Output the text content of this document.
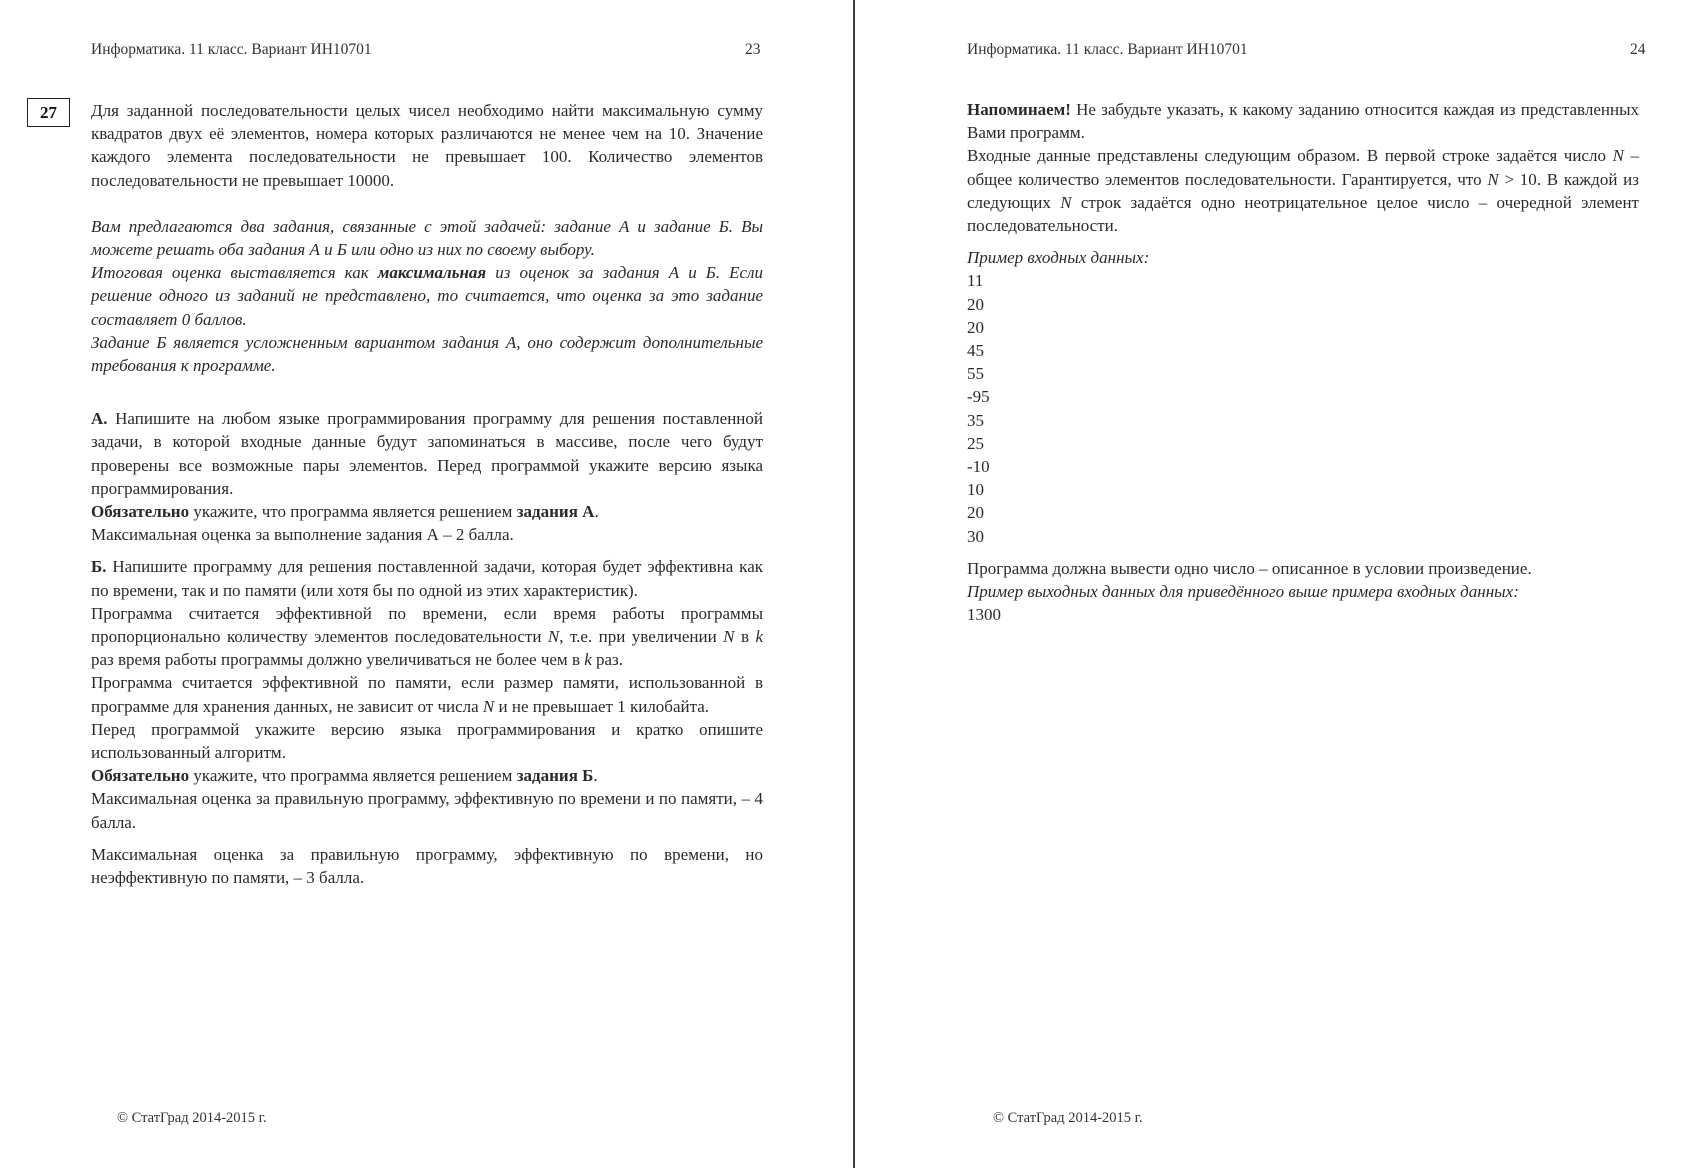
Информатика. 11 класс. Вариант ИН10701	23
27	Для заданной последовательности целых чисел необходимо найти максимальную сумму квадратов двух её элементов, номера которых различаются не менее чем на 10. Значение каждого элемента последовательности не превышает 100. Количество элементов последовательности не превышает 10000.

Вам предлагаются два задания, связанные с этой задачей: задание А и задание Б. Вы можете решать оба задания А и Б или одно из них по своему выбору.

Итоговая оценка выставляется как максимальная из оценок за задания А и Б. Если решение одного из заданий не представлено, то считается, что оценка за это задание составляет 0 баллов.

Задание Б является усложненным вариантом задания А, оно содержит дополнительные требования к программе.

А. Напишите на любом языке программирования программу для решения поставленной задачи, в которой входные данные будут запоминаться в массиве, после чего будут проверены все возможные пары элементов. Перед программой укажите версию языка программирования.

Обязательно укажите, что программа является решением задания А.

Максимальная оценка за выполнение задания А – 2 балла.

Б. Напишите программу для решения поставленной задачи, которая будет эффективна как по времени, так и по памяти (или хотя бы по одной из этих характеристик).

Программа считается эффективной по времени, если время работы программы пропорционально количеству элементов последовательности N, т.е. при увеличении N в k раз время работы программы должно увеличиваться не более чем в k раз.

Программа считается эффективной по памяти, если размер памяти, использованной в программе для хранения данных, не зависит от числа N и не превышает 1 килобайта.

Перед программой укажите версию языка программирования и кратко опишите использованный алгоритм.

Обязательно укажите, что программа является решением задания Б.

Максимальная оценка за правильную программу, эффективную по времени и по памяти, – 4 балла.

Максимальная оценка за правильную программу, эффективную по времени, но неэффективную по памяти, – 3 балла.

© СтатГрад 2014-2015 г.
Информатика. 11 класс. Вариант ИН10701	24

Напоминаем! Не забудьте указать, к какому заданию относится каждая из представленных Вами программ.

Входные данные представлены следующим образом. В первой строке задаётся число N – общее количество элементов последовательности. Гарантируется, что N > 10. В каждой из следующих N строк задаётся одно неотрицательное целое число – очередной элемент последовательности.

Пример входных данных:

11
20
20
45
55
-95
35
25
-10
10
20
30

Программа должна вывести одно число – описанное в условии произведение.

Пример выходных данных для приведённого выше примера входных данных:

1300

© СтатГрад 2014-2015 г.
